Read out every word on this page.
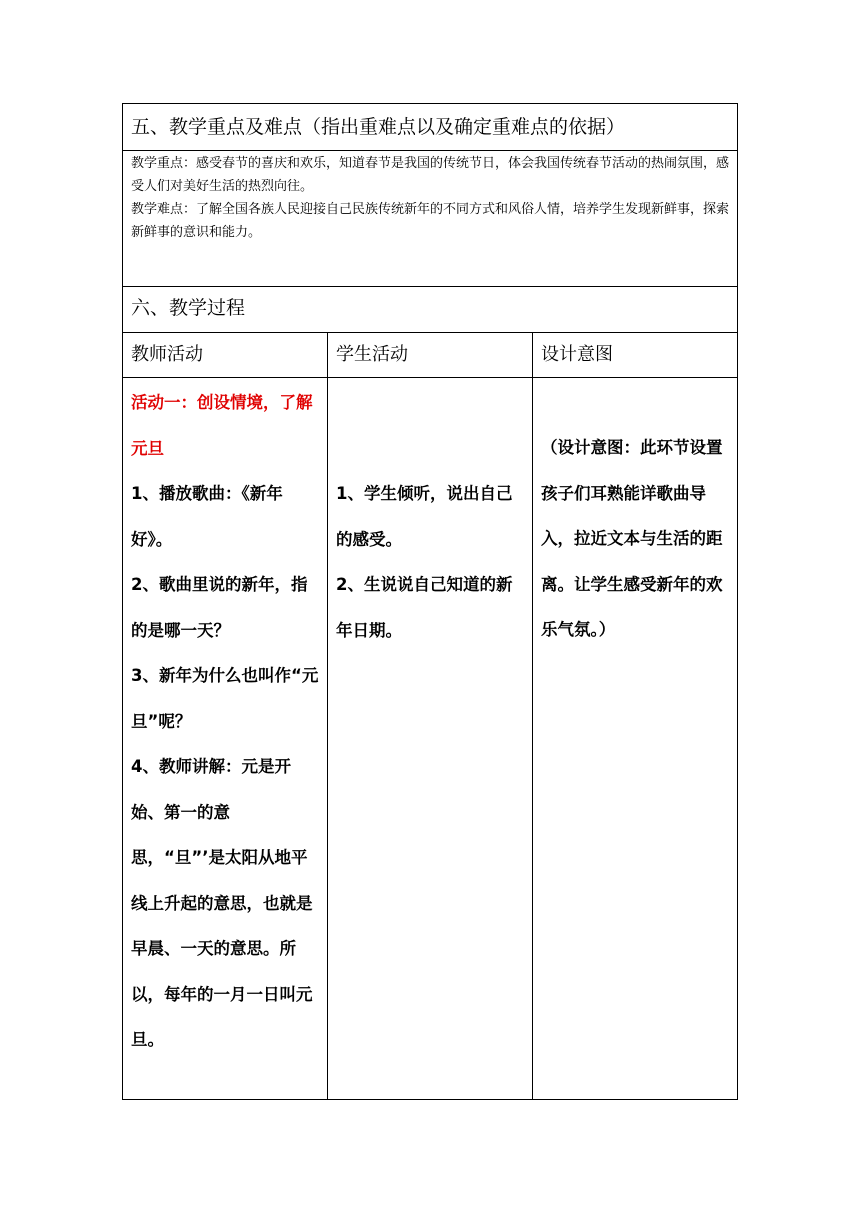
五、教学重点及难点（指出重难点以及确定重难点的依据）

教学重点：感受春节的喜庆和欢乐，知道春节是我国的传统节日，体会我国传统春节活动的热闹氛围，感受人们对美好生活的热烈向往。

教学难点：了解全国各族人民迎接自己民族传统新年的不同方式和风俗人情，培养学生发现新鲜事，探索新鲜事的意识和能力。

六、教学过程
教师活动	学生活动	设计意图

活动一：创设情境，了解元旦

1、播放歌曲：《新年好》。

2、歌曲里说的新年，指的是哪一天？

3、新年为什么也叫作“元旦”呢？

4、教师讲解：元是开始、第一的意思，“旦”’是太阳从地平线上升起的意思，也就是早晨、一天的意思。所以，每年的一月一日叫元旦。

1、学生倾听，说出自己的感受。

2、生说说自己知道的新年日期。

（设计意图：此环节设置孩子们耳熟能详歌曲导入，拉近文本与生活的距离。让学生感受新年的欢乐气氛。）
